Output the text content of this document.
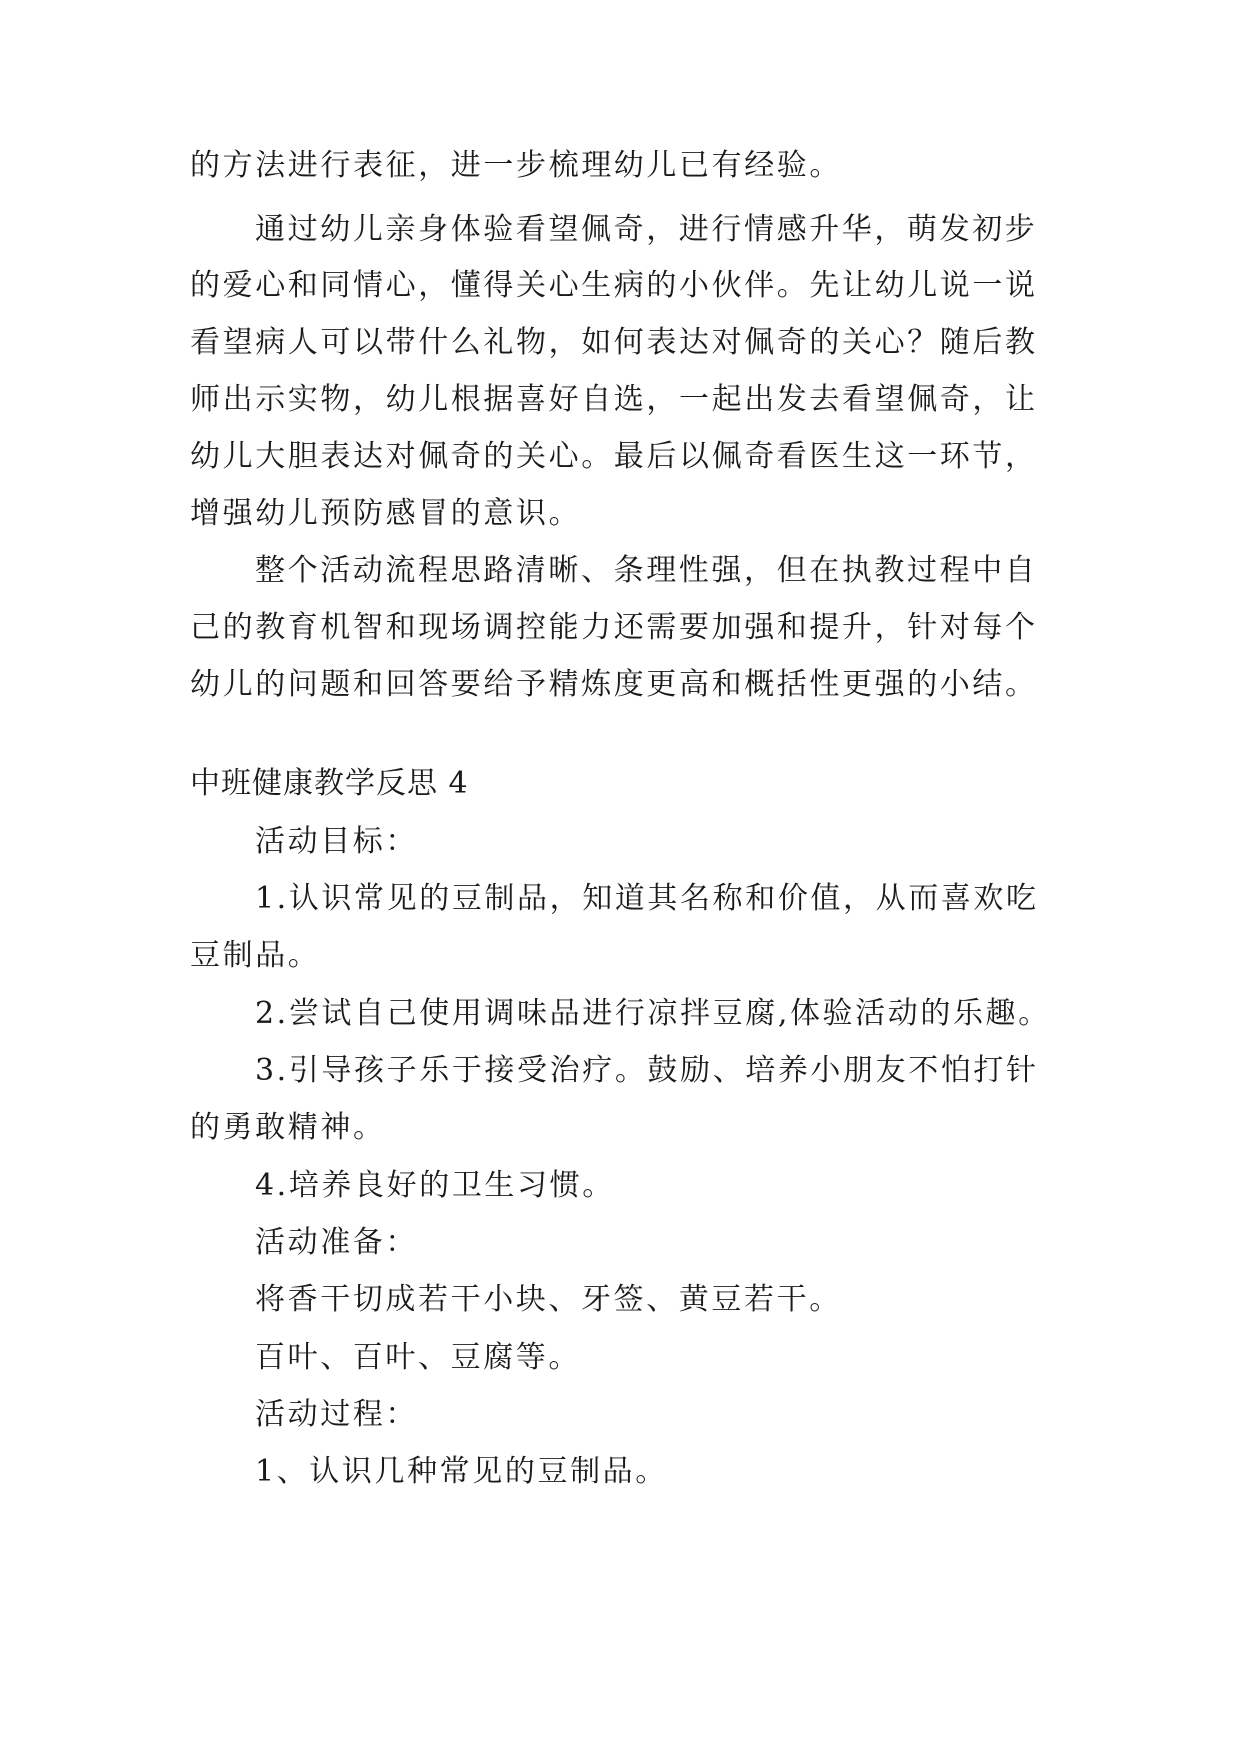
的方法进行表征，进一步梳理幼儿已有经验。
通过幼儿亲身体验看望佩奇，进行情感升华，萌发初步
的爱心和同情心，懂得关心生病的小伙伴。先让幼儿说一说
看望病人可以带什么礼物，如何表达对佩奇的关心？随后教
师出示实物，幼儿根据喜好自选，一起出发去看望佩奇，让
幼儿大胆表达对佩奇的关心。最后以佩奇看医生这一环节，
增强幼儿预防感冒的意识。
整个活动流程思路清晰、条理性强，但在执教过程中自
己的教育机智和现场调控能力还需要加强和提升，针对每个
幼儿的问题和回答要给予精炼度更高和概括性更强的小结。
中班健康教学反思 4
活动目标：
1.认识常见的豆制品，知道其名称和价值，从而喜欢吃
豆制品。
2.尝试自己使用调味品进行凉拌豆腐,体验活动的乐趣。
3.引导孩子乐于接受治疗。鼓励、培养小朋友不怕打针
的勇敢精神。
4.培养良好的卫生习惯。
活动准备：
将香干切成若干小块、牙签、黄豆若干。
百叶、百叶、豆腐等。
活动过程：
1、认识几种常见的豆制品。
